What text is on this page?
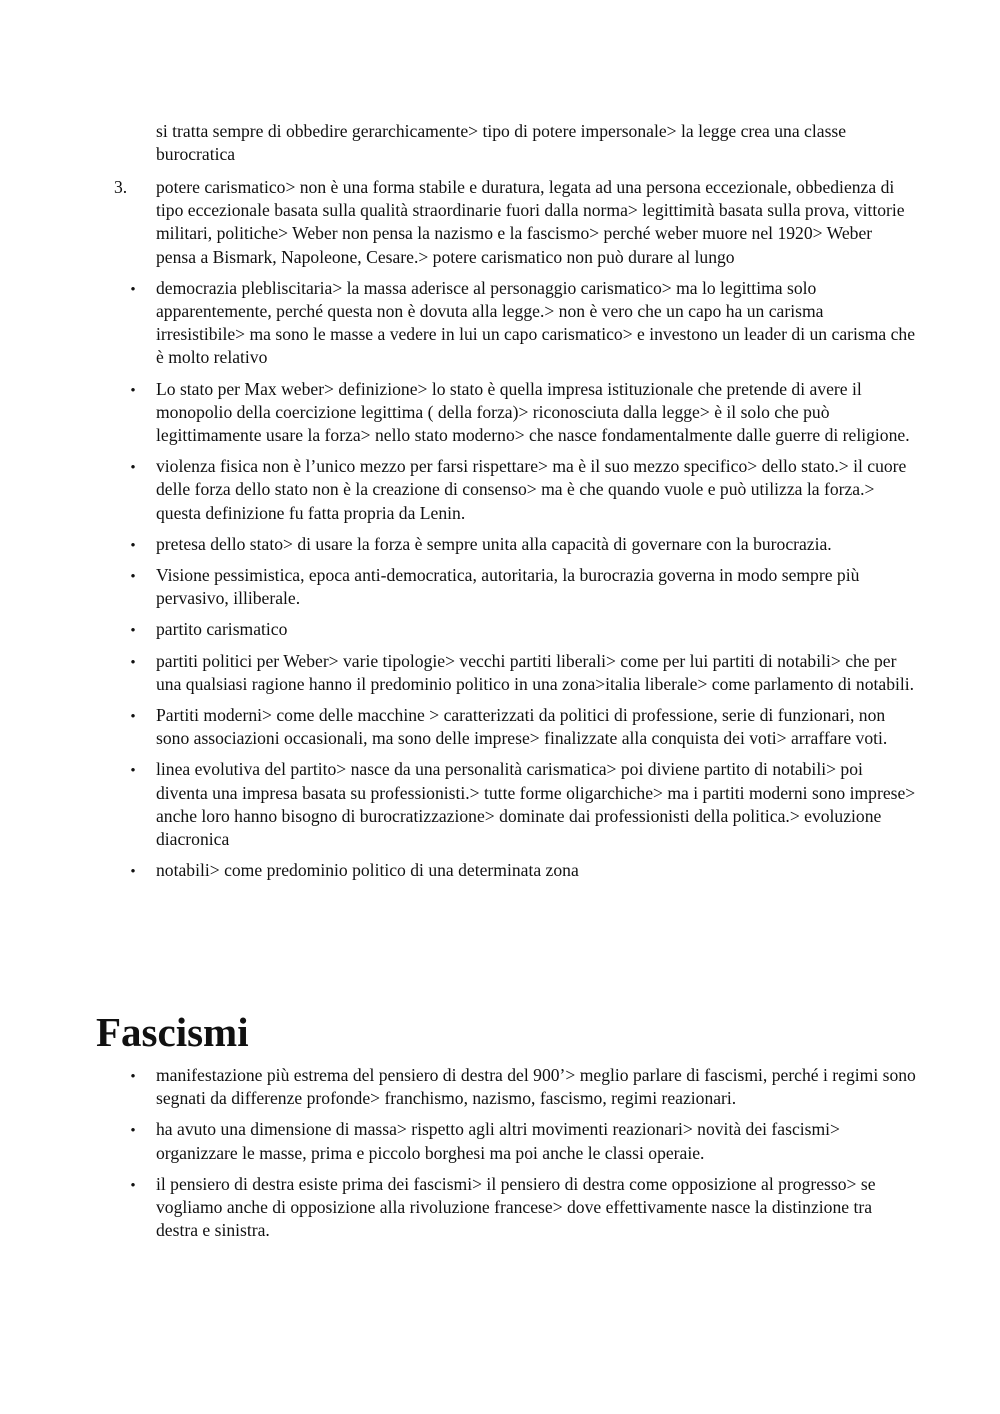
si tratta sempre di obbedire gerarchicamente> tipo di potere impersonale> la legge crea una classe burocratica
3.	potere carismatico> non è una forma stabile e duratura, legata ad una persona eccezionale, obbedienza di tipo eccezionale basata sulla qualità straordinarie fuori dalla norma> legittimità basata sulla prova, vittorie militari, politiche> Weber non pensa la nazismo e la fascismo> perché weber muore nel 1920> Weber pensa a Bismark, Napoleone, Cesare.> potere carismatico non può durare al lungo
•
democrazia plebliscitaria> la massa aderisce al personaggio carismatico> ma lo legittima solo apparentemente, perché questa non è dovuta alla legge.> non è vero che un capo ha un carisma irresistibile> ma sono le masse a vedere in lui un capo carismatico> e investono un leader di un carisma che è molto relativo
•
Lo stato per Max weber> definizione> lo stato è quella impresa istituzionale che pretende di avere il monopolio della coercizione legittima ( della forza)> riconosciuta dalla legge> è il solo che può legittimamente usare la forza> nello stato moderno> che nasce fondamentalmente dalle guerre di religione.
•
violenza fisica non è l’unico mezzo per farsi rispettare> ma è il suo mezzo specifico> dello stato.> il cuore delle forza dello stato non è la creazione di consenso> ma è che quando vuole e può utilizza la forza.> questa definizione fu fatta propria da Lenin.
•
pretesa dello stato> di usare la forza è sempre unita alla capacità di governare con la burocrazia.
•
Visione pessimistica, epoca anti-democratica, autoritaria, la burocrazia governa in modo sempre più pervasivo, illiberale.
•
partito carismatico
•
partiti politici per Weber> varie tipologie> vecchi partiti liberali> come per lui partiti di notabili> che per una qualsiasi ragione hanno il predominio politico in una zona>italia liberale> come parlamento di notabili.
•
Partiti moderni> come delle macchine > caratterizzati da politici di professione, serie di funzionari, non sono associazioni occasionali, ma sono delle imprese> finalizzate alla conquista dei voti> arraffare voti.
•
linea evolutiva del partito> nasce da una personalità carismatica> poi diviene partito di notabili> poi diventa una impresa basata su professionisti.> tutte forme oligarchiche> ma i partiti moderni sono imprese> anche loro hanno bisogno di burocratizzazione> dominate dai professionisti della politica.> evoluzione diacronica
•
notabili> come predominio politico di una determinata zona
Fascismi
•
manifestazione più estrema del pensiero di destra del 900’> meglio parlare di fascismi, perché i regimi sono segnati da differenze profonde> franchismo, nazismo, fascismo, regimi reazionari.
•
ha avuto una dimensione di massa> rispetto agli altri movimenti reazionari> novità dei fascismi> organizzare le masse, prima e piccolo borghesi ma poi anche le classi operaie.
•
il pensiero di destra esiste prima dei fascismi> il pensiero di destra come opposizione al progresso> se vogliamo anche di opposizione alla rivoluzione francese> dove effettivamente nasce la distinzione tra destra e sinistra.
